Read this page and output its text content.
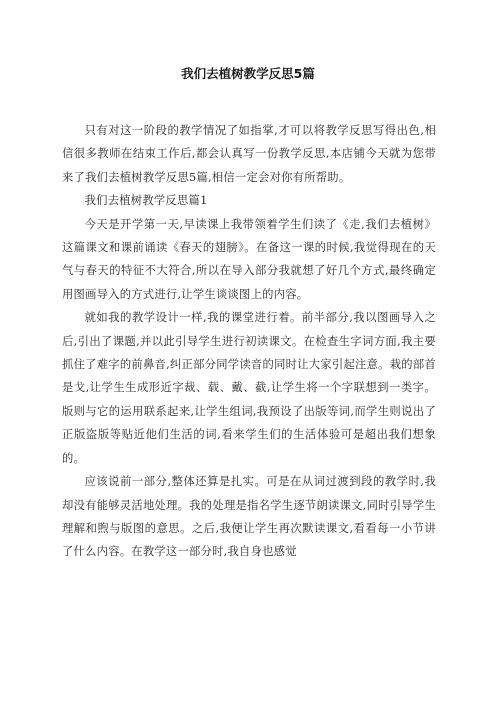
我们去植树教学反思5篇

只有对这一阶段的教学情况了如指掌,才可以将教学反思写得出色,相信很多教师在结束工作后,都会认真写一份教学反思,本店铺今天就为您带来了我们去植树教学反思5篇,相信一定会对你有所帮助。

我们去植树教学反思篇1

今天是开学第一天,早读课上我带领着学生们读了《走,我们去植树》这篇课文和课前诵读《春天的翅膀》。在备这一课的时候,我觉得现在的天气与春天的特征不大符合,所以在导入部分我就想了好几个方式,最终确定用图画导入的方式进行,让学生谈谈图上的内容。

就如我的教学设计一样,我的课堂进行着。前半部分,我以图画导入之后,引出了课题,并以此引导学生进行初读课文。在检查生字词方面,我主要抓住了难字的前鼻音,纠正部分同学读音的同时让大家引起注意。栽的部首是戈,让学生生成形近字裁、载、戴、截,让学生将一个字联想到一类字。版则与它的运用联系起来,让学生组词,我预设了出版等词,而学生则说出了正版盗版等贴近他们生活的词,看来学生们的生活体验可是超出我们想象的。

应该说前一部分,整体还算是扎实。可是在从词过渡到段的教学时,我却没有能够灵活地处理。我的处理是指名学生逐节朗读课文,同时引导学生理解和煦与版图的意思。之后,我便让学生再次默读课文,看看每一小节讲了什么内容。在教学这一部分时,我自身也感觉
